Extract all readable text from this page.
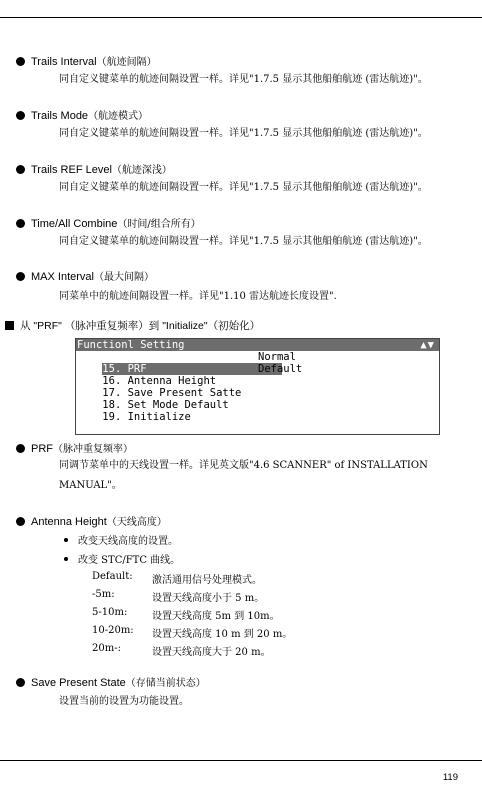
Trails Interval（航迹间隔）
同自定义键菜单的航迹间隔设置一样。详见"1.7.5 显示其他船舶航迹 (雷达航迹)"。
Trails Mode（航迹模式）
同自定义键菜单的航迹间隔设置一样。详见"1.7.5 显示其他船舶航迹 (雷达航迹)"。
Trails REF Level（航迹深浅）
同自定义键菜单的航迹间隔设置一样。详见"1.7.5 显示其他船舶航迹 (雷达航迹)"。
Time/All Combine（时间/组合所有）
同自定义键菜单的航迹间隔设置一样。详见"1.7.5 显示其他船舶航迹 (雷达航迹)"。
MAX Interval（最大间隔）
同菜单中的航迹间隔设置一样。详见"1.10 雷达航迹长度设置".
从 "PRF" （脉冲重复频率）到 "Initialize"（初始化）
Functionl Setting	▲▼

15. PRF
Normal

16. Antenna Height
Default

17. Save Present Satte

18. Set Mode Default

19. Initialize

PRF（脉冲重复频率）
同调节菜单中的天线设置一样。详见英文版"4.6 SCANNER" of INSTALLATION MANUAL"。
Antenna Height（天线高度）
改变天线高度的设置。
改变 STC/FTC 曲线。
Default: 激活通用信号处理模式。
-5m:	设置天线高度小于 5 m。
5-10m: 设置天线高度 5m 到 10m。
10-20m: 设置天线高度 10 m 到 20 m。
20m-:	设置天线高度大于 20 m。
Save Present State（存储当前状态）
设置当前的设置为功能设置。
119
